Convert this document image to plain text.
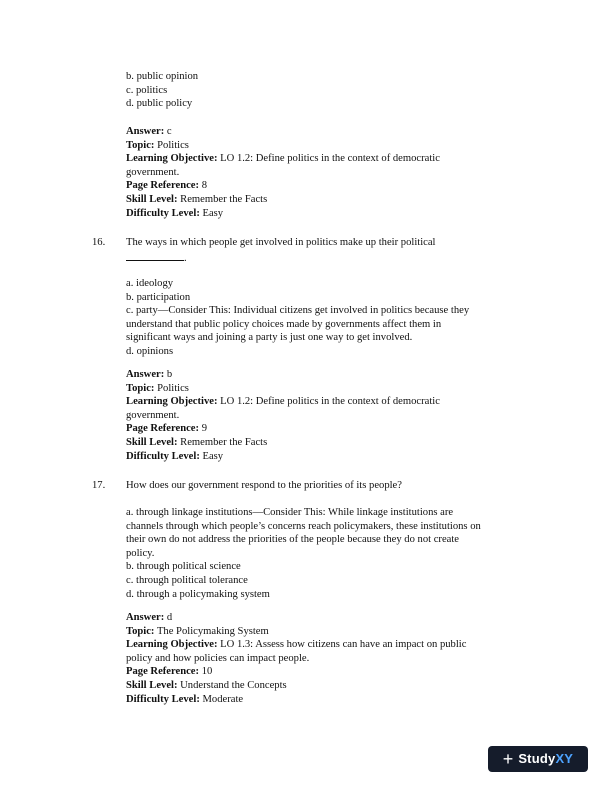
b. public opinion
c. politics
d. public policy
Answer: c
Topic: Politics
Learning Objective: LO 1.2: Define politics in the context of democratic
government.
Page Reference: 8
Skill Level: Remember the Facts
Difficulty Level: Easy
16. The ways in which people get involved in politics make up their political
.
a. ideology
b. participation
c. party—Consider This: Individual citizens get involved in politics because they
understand that public policy choices made by governments affect them in
significant ways and joining a party is just one way to get involved.
d. opinions
Answer: b
Topic: Politics
Learning Objective: LO 1.2: Define politics in the context of democratic
government.
Page Reference: 9
Skill Level: Remember the Facts
Difficulty Level: Easy
17. How does our government respond to the priorities of its people?
a. through linkage institutions—Consider This: While linkage institutions are
channels through which people’s concerns reach policymakers, these institutions on
their own do not address the priorities of the people because they do not create
policy.
b. through political science
c. through political tolerance
d. through a policymaking system
Answer: d
Topic: The Policymaking System
Learning Objective: LO 1.3: Assess how citizens can have an impact on public
policy and how policies can impact people.
Page Reference: 10
Skill Level: Understand the Concepts
Difficulty Level: Moderate
+ StudyXY
